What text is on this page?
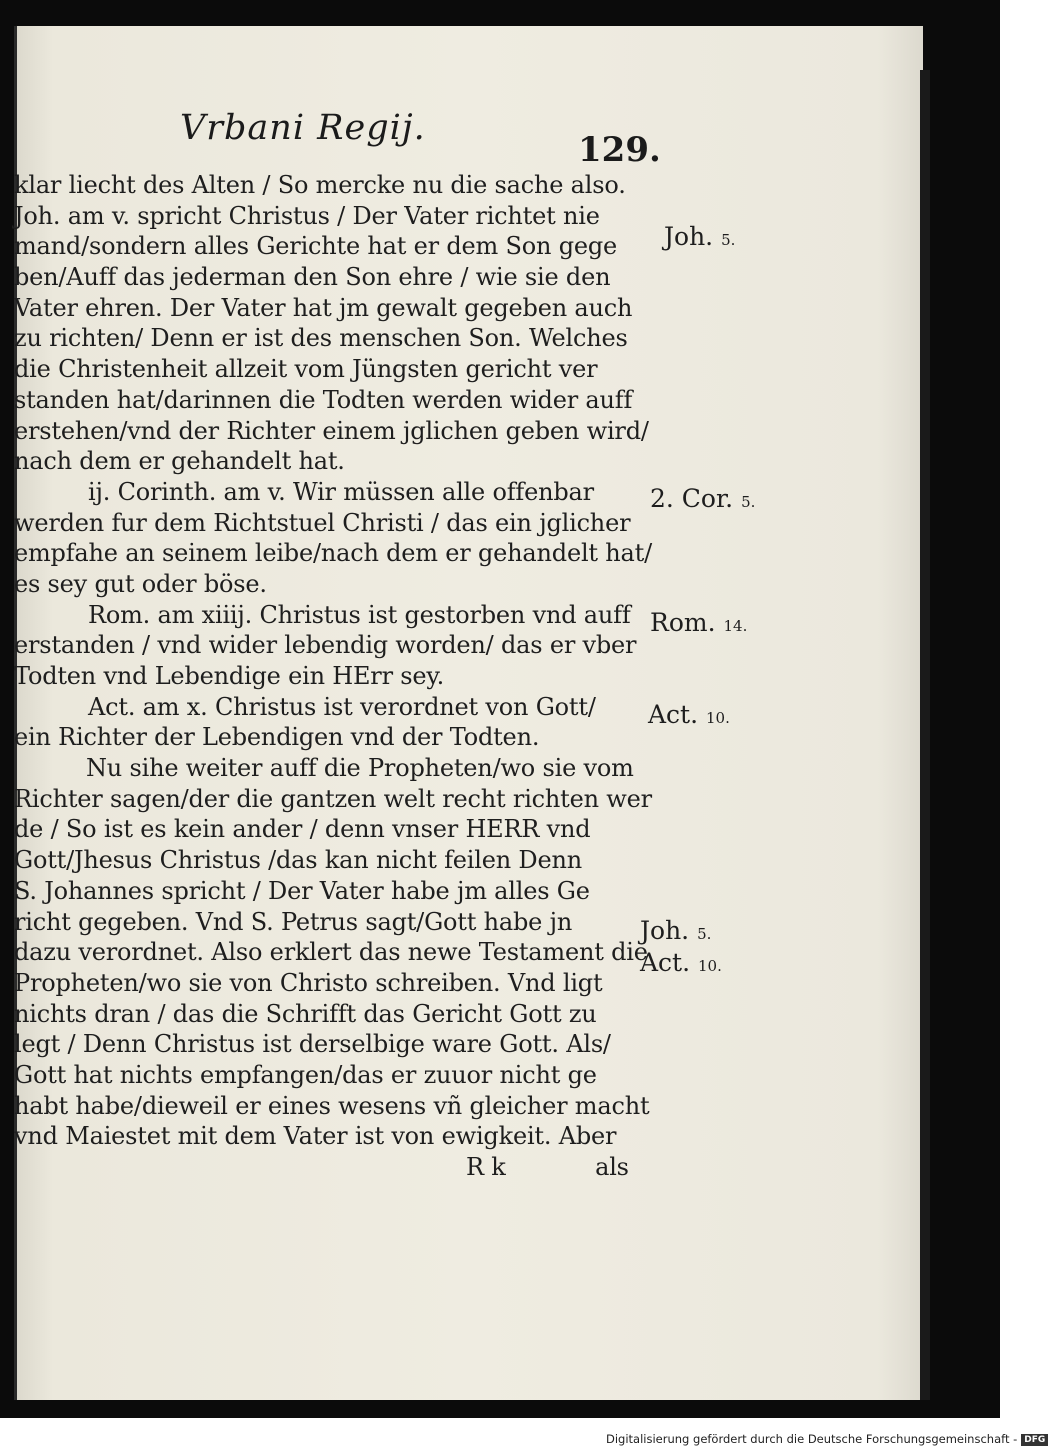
Vrbani Regij.
129.
klar liecht des Alten / So mercke nu die sache also.
Joh. am v. spricht Christus / Der Vater richtet nie
mand/sondern alles Gerichte hat er dem Son gege
ben/Auff das jederman den Son ehre / wie sie den
Vater ehren. Der Vater hat jm gewalt gegeben auch
zu richten/ Denn er ist des menschen Son. Welches
die Christenheit allzeit vom Jüngsten gericht ver
standen hat/darinnen die Todten werden wider auff
erstehen/vnd der Richter einem jglichen geben wird/
nach dem er gehandelt hat.
ij. Corinth. am v. Wir müssen alle offenbar
werden fur dem Richtstuel Christi / das ein jglicher
empfahe an seinem leibe/nach dem er gehandelt hat/
es sey gut oder böse.
Rom. am xiiij. Christus ist gestorben vnd auff
erstanden / vnd wider lebendig worden/ das er vber
Todten vnd Lebendige ein HErr sey.
Act. am x. Christus ist verordnet von Gott/
ein Richter der Lebendigen vnd der Todten.
Nu sihe weiter auff die Propheten/wo sie vom
Richter sagen/der die gantzen welt recht richten wer
de / So ist es kein ander / denn vnser HERR vnd
Gott/Jhesus Christus /das kan nicht feilen Denn
S. Johannes spricht / Der Vater habe jm alles Ge
richt gegeben. Vnd S. Petrus sagt/Gott habe jn
dazu verordnet. Also erklert das newe Testament die
Propheten/wo sie von Christo schreiben. Vnd ligt
nichts dran / das die Schrifft das Gericht Gott zu
legt / Denn Christus ist derselbige ware Gott. Als/
Gott hat nichts empfangen/das er zuuor nicht ge
habt habe/dieweil er eines wesens vñ gleicher macht
vnd Maiestet mit dem Vater ist von ewigkeit. Aber
R k	als
Joh. 5.
2. Cor. 5.
Rom. 14.
Act. 10.
Joh. 5.
Act. 10.
Digitalisierung gefördert durch die Deutsche Forschungsgemeinschaft - DFG
